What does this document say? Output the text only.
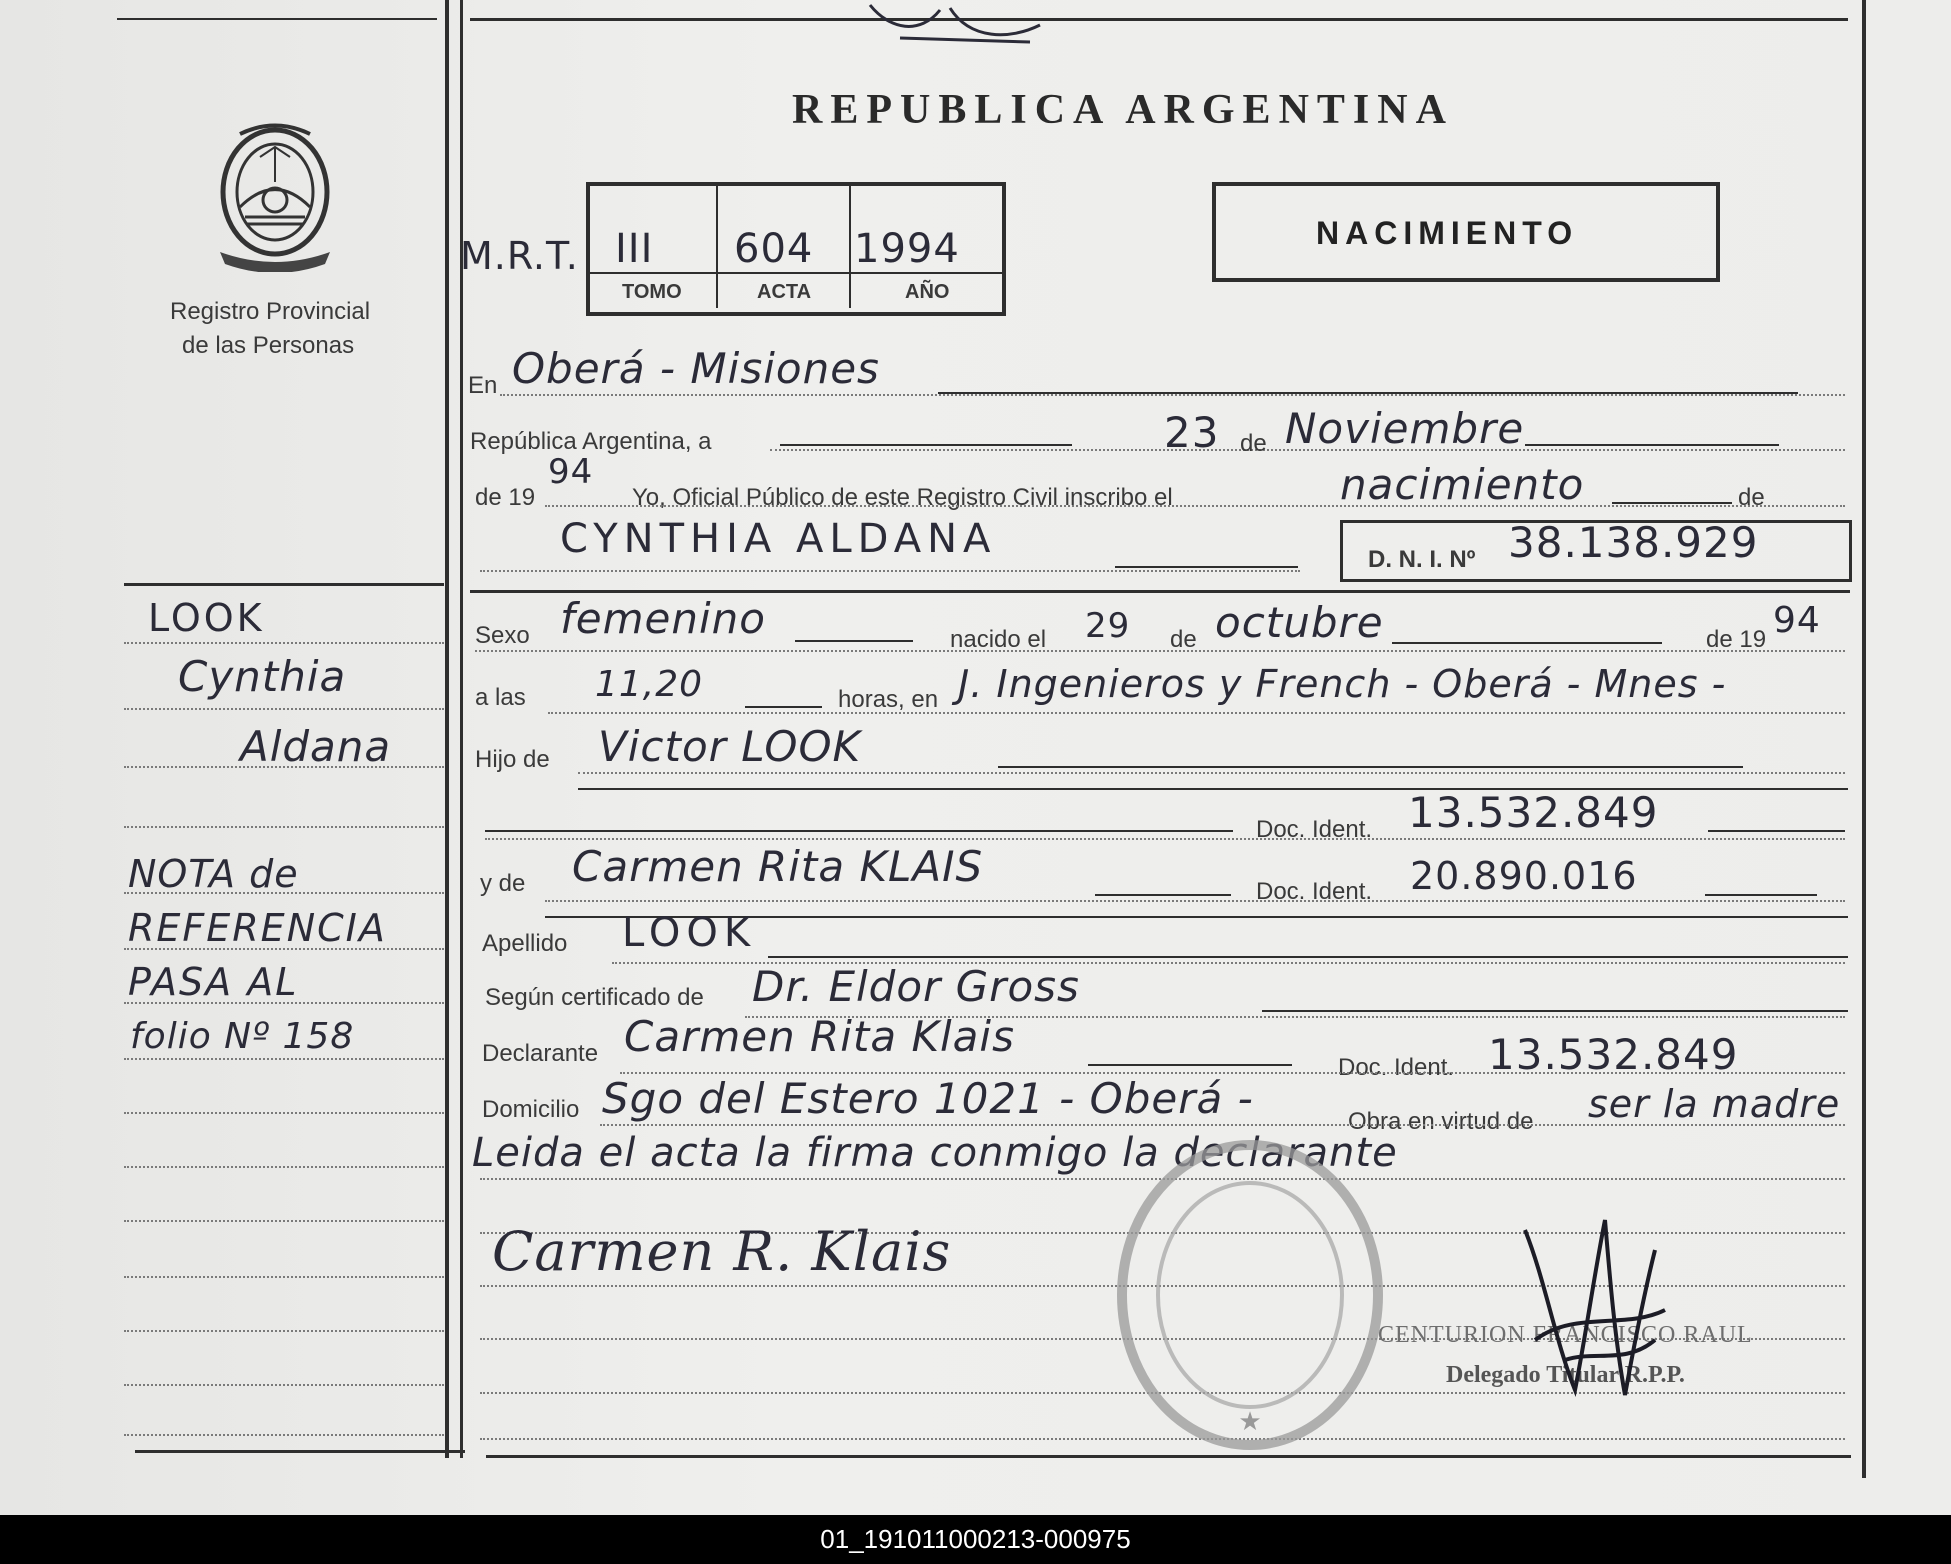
REPUBLICA ARGENTINA
Registro Provincial
de las Personas
M.R.T. III 604 1994
TOMO	ACTA	AÑO
NACIMIENTO
En Oberá - Misiones
República Argentina, a	23 de Noviembre
de 19
94
Yo, Oficial Público de este Registro Civil inscribo el	nacimiento	de
CYNTHIA ALDANA	D. N. I. Nº 38.138.929
Sexo femenino	nacido el 29 de octubre	de 19 94
a las 11,20	horas, en J. Ingenieros y French - Oberá - Mnes -
Hijo de Victor LOOK
Doc. Ident. 13.532.849
y de Carmen Rita KLAIS
Doc. Ident. 20.890.016
Apellido LOOK
Según certificado de Dr. Eldor Gross
Declarante Carmen Rita Klais
Doc. Ident. 13.532.849
Domicilio Sgo del Estero 1021 - Oberá -	Obra en virtud de ser la madre
Leida el acta la firma conmigo la declarante
Carmen R. Klais
★
CENTURION FRANCISCO RAUL
Delegado Titular R.P.P.
LOOK
Cynthia
Aldana
NOTA de
REFERENCIA
PASA AL
folio Nº 158
01_191011000213-000975
